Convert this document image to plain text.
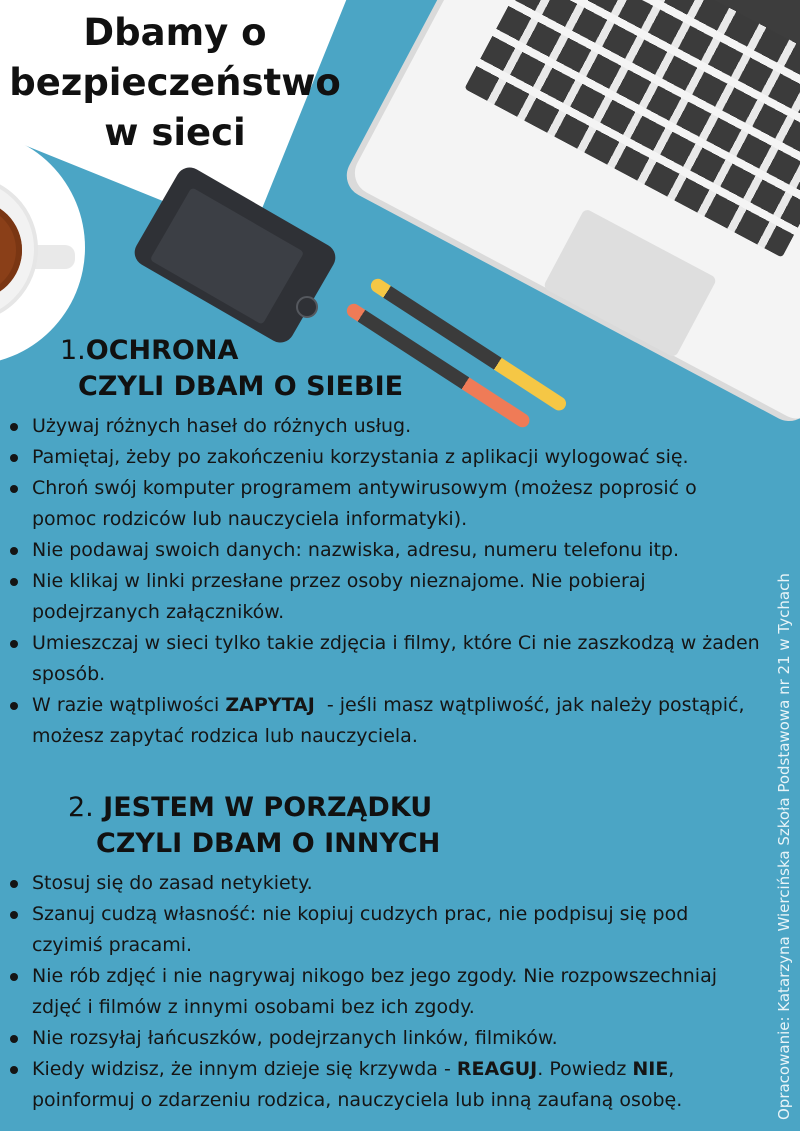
Dbamy o
bezpieczeństwo
w sieci
1.OCHRONA
CZYLI DBAM O SIEBIE
Używaj różnych haseł do różnych usług.
Pamiętaj, żeby po zakończeniu korzystania z aplikacji wylogować się.
Chroń swój komputer programem antywirusowym (możesz poprosić o pomoc rodziców lub nauczyciela informatyki).
Nie podawaj swoich danych: nazwiska, adresu, numeru telefonu itp.
Nie klikaj w linki przesłane przez osoby nieznajome. Nie pobieraj podejrzanych załączników.
Umieszczaj w sieci tylko takie zdjęcia i filmy, które Ci nie zaszkodzą w żaden sposób.
W razie wątpliwości ZAPYTAJ  - jeśli masz wątpliwość, jak należy postąpić, możesz zapytać rodzica lub nauczyciela.
2. JESTEM W PORZĄDKU
CZYLI DBAM O INNYCH
Stosuj się do zasad netykiety.
Szanuj cudzą własność: nie kopiuj cudzych prac, nie podpisuj się pod czyimiś pracami.
Nie rób zdjęć i nie nagrywaj nikogo bez jego zgody. Nie rozpowszechniaj zdjęć i filmów z innymi osobami bez ich zgody.
Nie rozsyłaj łańcuszków, podejrzanych linków, filmików.
Kiedy widzisz, że innym dzieje się krzywda - REAGUJ. Powiedz NIE, poinformuj o zdarzeniu rodzica, nauczyciela lub inną zaufaną osobę.	Opracowanie: Katarzyna Wiercińska Szkoła Podstawowa nr 21 w Tychach
